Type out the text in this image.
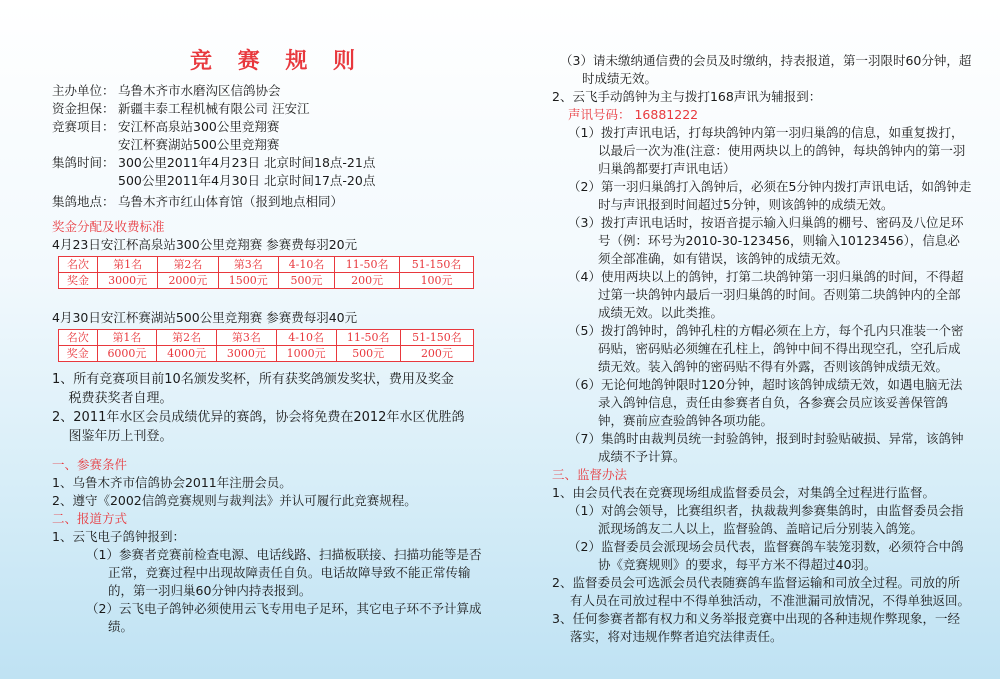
竞 赛 规 则
主办单位： 乌鲁木齐市水磨沟区信鸽协会
资金担保： 新疆丰泰工程机械有限公司 汪安江
竞赛项目： 安江杯高泉站300公里竞翔赛
安江杯赛湖站500公里竞翔赛
集鸽时间： 300公里2011年4月23日 北京时间18点-21点
500公里2011年4月30日 北京时间17点-20点
集鸽地点： 乌鲁木齐市红山体育馆（报到地点相同）
奖金分配及收费标准
4月23日安江杯高泉站300公里竞翔赛 参赛费每羽20元
名次	第1名	第2名	第3名	4-10名	11-50名	51-150名
奖金	3000元	2000元	1500元	500元	200元	100元
4月30日安江杯赛湖站500公里竞翔赛 参赛费每羽40元
名次	第1名	第2名	第3名	4-10名	11-50名	51-150名
奖金	6000元	4000元	3000元	1000元	500元	200元

1、所有竞赛项目前10名颁发奖杯，所有获奖鸽颁发奖状，费用及奖金

税费获奖者自理。

2、2011年水区会员成绩优异的赛鸽，协会将免费在2012年水区优胜鸽

图鉴年历上刊登。

一、参赛条件

1、乌鲁木齐市信鸽协会2011年注册会员。

2、遵守《2002信鸽竞赛规则与裁判法》并认可履行此竞赛规程。

二、报道方式

1、云飞电子鸽钟报到：

（1）参赛者竞赛前检查电源、电话线路、扫描板联接、扫描功能等是否正常，竞赛过程中出现故障责任自负。电话故障导致不能正常传输的，第一羽归巢60分钟内持表报到。

（2）云飞电子鸽钟必须使用云飞专用电子足环，其它电子环不予计算成绩。

（3）请未缴纳通信费的会员及时缴纳，持表报道，第一羽限时60分钟，超时成绩无效。

2、云飞手动鸽钟为主与拨打168声讯为辅报到：

声讯号码： 16881222

（1）拨打声讯电话，打每块鸽钟内第一羽归巢鸽的信息，如重复拨打，以最后一次为准(注意：使用两块以上的鸽钟，每块鸽钟内的第一羽归巢鸽都要打声讯电话）

（2）第一羽归巢鸽打入鸽钟后，必须在5分钟内拨打声讯电话，如鸽钟走时与声讯报到时间超过5分钟，则该鸽钟的成绩无效。

（3）拨打声讯电话时，按语音提示输入归巢鸽的棚号、密码及八位足环号（例：环号为2010-30-123456，则输入10123456），信息必须全部准确，如有错误，该鸽钟的成绩无效。

（4）使用两块以上的鸽钟，打第二块鸽钟第一羽归巢鸽的时间，不得超过第一块鸽钟内最后一羽归巢鸽的时间。否则第二块鸽钟内的全部成绩无效。以此类推。

（5）拨打鸽钟时，鸽钟孔柱的方帽必须在上方，每个孔内只准装一个密码贴，密码贴必须缠在孔柱上，鸽钟中间不得出现空孔，空孔后成绩无效。装入鸽钟的密码贴不得有外露，否则该鸽钟成绩无效。

（6）无论何地鸽钟限时120分钟，超时该鸽钟成绩无效，如遇电脑无法录入鸽钟信息，责任由参赛者自负，各参赛会员应该妥善保管鸽钟，赛前应查验鸽钟各项功能。

（7）集鸽时由裁判员统一封验鸽钟，报到时封验贴破损、异常，该鸽钟成绩不予计算。

三、监督办法

1、由会员代表在竞赛现场组成监督委员会，对集鸽全过程进行监督。

（1）对鸽会领导，比赛组织者，执裁裁判参赛集鸽时，由监督委员会指派现场鸽友二人以上，监督验鸽、盖暗记后分别装入鸽笼。

（2）监督委员会派现场会员代表，监督赛鸽车装笼羽数，必须符合中鸽协《竞赛规则》的要求，每平方米不得超过40羽。

2、监督委员会可选派会员代表随赛鸽车监督运输和司放全过程。司放的所有人员在司放过程中不得单独活动，不准泄漏司放情况，不得单独返回。

3、任何参赛者都有权力和义务举报竞赛中出现的各种违规作弊现象，一经落实，将对违规作弊者追究法律责任。
